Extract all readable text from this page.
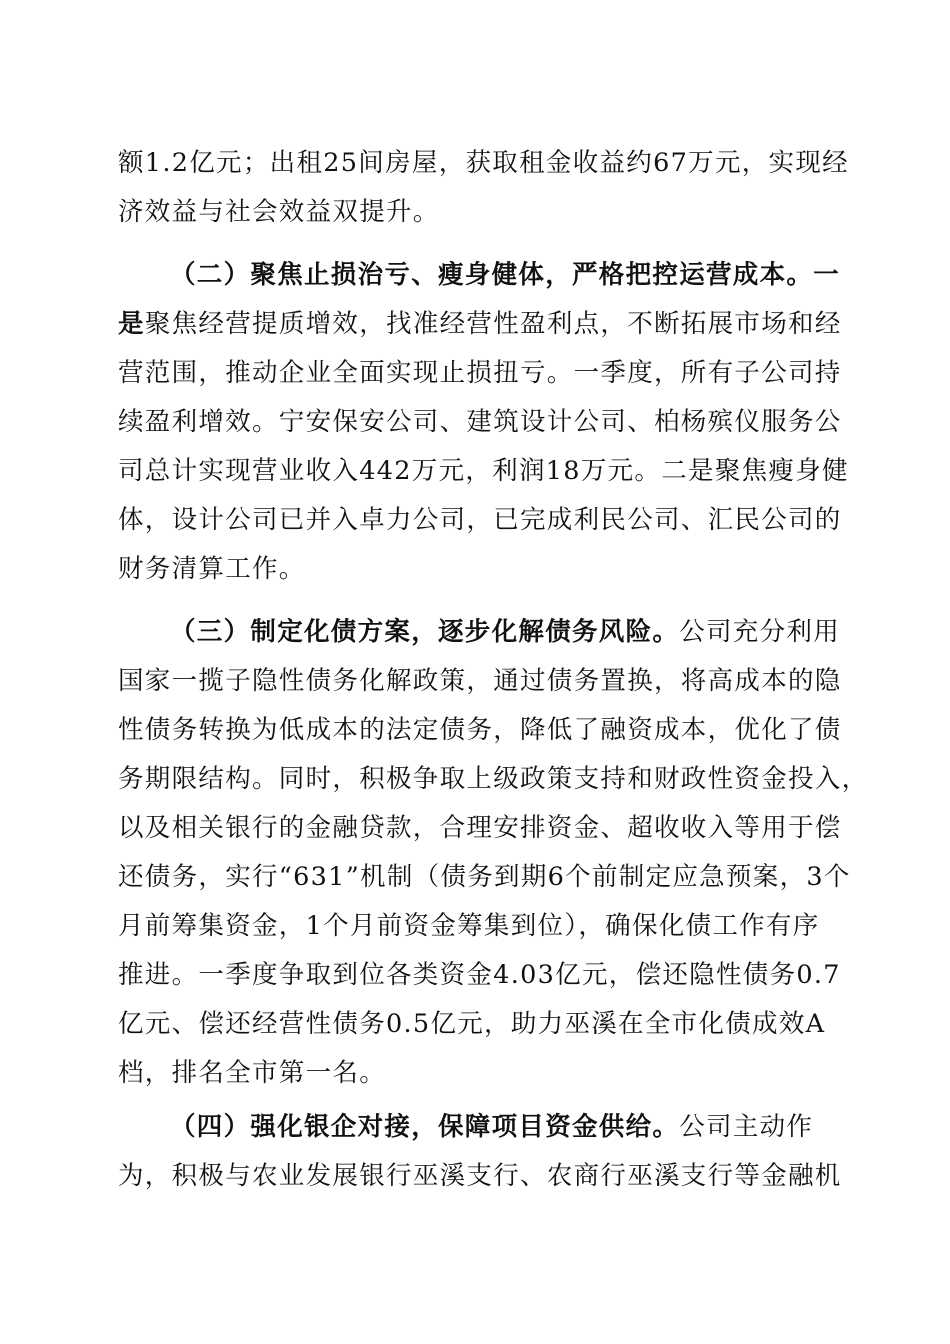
额1.2亿元；出租25间房屋，获取租金收益约67万元，实现经
济效益与社会效益双提升。
（二）聚焦止损治亏、瘦身健体，严格把控运营成本。一
是聚焦经营提质增效，找准经营性盈利点，不断拓展市场和经
营范围，推动企业全面实现止损扭亏。一季度，所有子公司持
续盈利增效。宁安保安公司、建筑设计公司、柏杨殡仪服务公
司总计实现营业收入442万元，利润18万元。二是聚焦瘦身健
体，设计公司已并入卓力公司，已完成利民公司、汇民公司的
财务清算工作。
（三）制定化债方案，逐步化解债务风险。公司充分利用
国家一揽子隐性债务化解政策，通过债务置换，将高成本的隐
性债务转换为低成本的法定债务，降低了融资成本，优化了债
务期限结构。同时，积极争取上级政策支持和财政性资金投入，
以及相关银行的金融贷款，合理安排资金、超收收入等用于偿
还债务，实行“631”机制（债务到期6个前制定应急预案，3个
月前筹集资金，1个月前资金筹集到位），确保化债工作有序
推进。一季度争取到位各类资金4.03亿元，偿还隐性债务0.7
亿元、偿还经营性债务0.5亿元，助力巫溪在全市化债成效A
档，排名全市第一名。
（四）强化银企对接，保障项目资金供给。公司主动作
为，积极与农业发展银行巫溪支行、农商行巫溪支行等金融机
